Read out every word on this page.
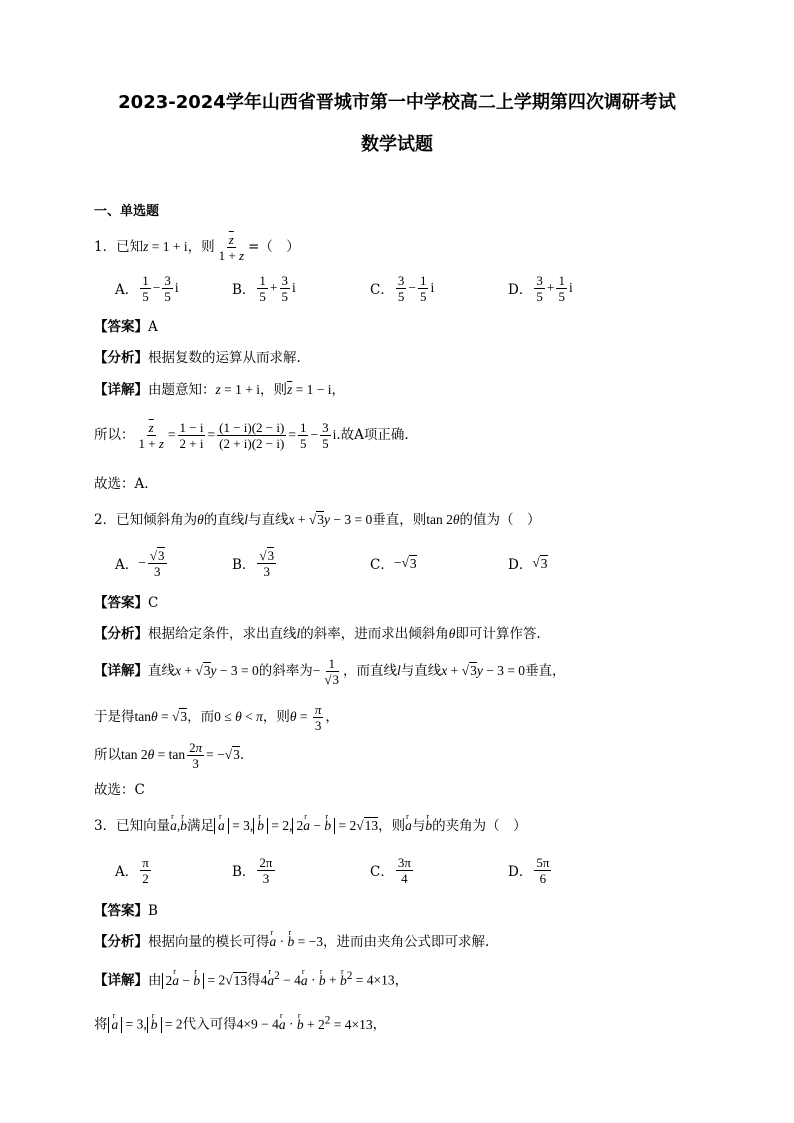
2023-2024学年山西省晋城市第一中学校高二上学期第四次调研考试
数学试题
一、单选题
1．已知z = 1 + i，则 $\frac{\overline{z}}{1 + z}$ =（　）
A． $\frac{1}{5} - \frac{3}{5}$ i	B． $\frac{1}{5} + \frac{3}{5}$ i	C． $\frac{3}{5} - \frac{1}{5}$ i	D． $\frac{3}{5} + \frac{1}{5}$ i
【答案】A
【分析】根据复数的运算从而求解.
【详解】由题意知：z = 1 + i，则$\overline{z} = 1 - i$，
所以： $\frac{\overline{z}}{1 + z} = \frac{1 - i}{2 + i} = \frac{(1 - i)(2 - i)}{(2 + i)(2 - i)} = \frac{1}{5} - \frac{3}{5} i$.故A项正确.
故选：A.
2．已知倾斜角为θ的直线l与直线x + √3y − 3 = 0垂直，则tan 2θ的值为（　）
A． − $\frac{√3}{3}$	B． $\frac{√3}{3}$	C． −√ 3	D． √ 3
【答案】C
【分析】根据给定条件，求出直线l的斜率，进而求出倾斜角θ即可计算作答.
【详解】直线x + √3y − 3 = 0的斜率为− $\frac{1}{√3}$ ，而直线l与直线x + √3y − 3 = 0垂直，
于是得tanθ = √3，而0 ≤ θ < π，则$\theta = \frac{\pi}{3}$ ，
所以$\tan 2\theta = \tan \frac{2\pi}{3} = -√3$.
故选：C
3．已知向量r a,r b满足 r a = 3, r b = 2, 2r a − r b = 2√13，则r a与r b的夹角为（　）
A． $\frac{\pi}{2}$	B． $\frac{2\pi}{3}$	C． $\frac{3\pi}{4}$	D． $\frac{5\pi}{6}$
【答案】B
【分析】根据向量的模长可得r a · r b = −3，进而由夹角公式即可求解.
【详解】由 2r a − r b = 2√13得4r $a^2 - 4r$ a · r b + r $b^2 = 4\times 13$，
将 r a = 3, r b = 2代入可得4×9 − 4r a · r $b + 2^2 = 4\times 13$，
